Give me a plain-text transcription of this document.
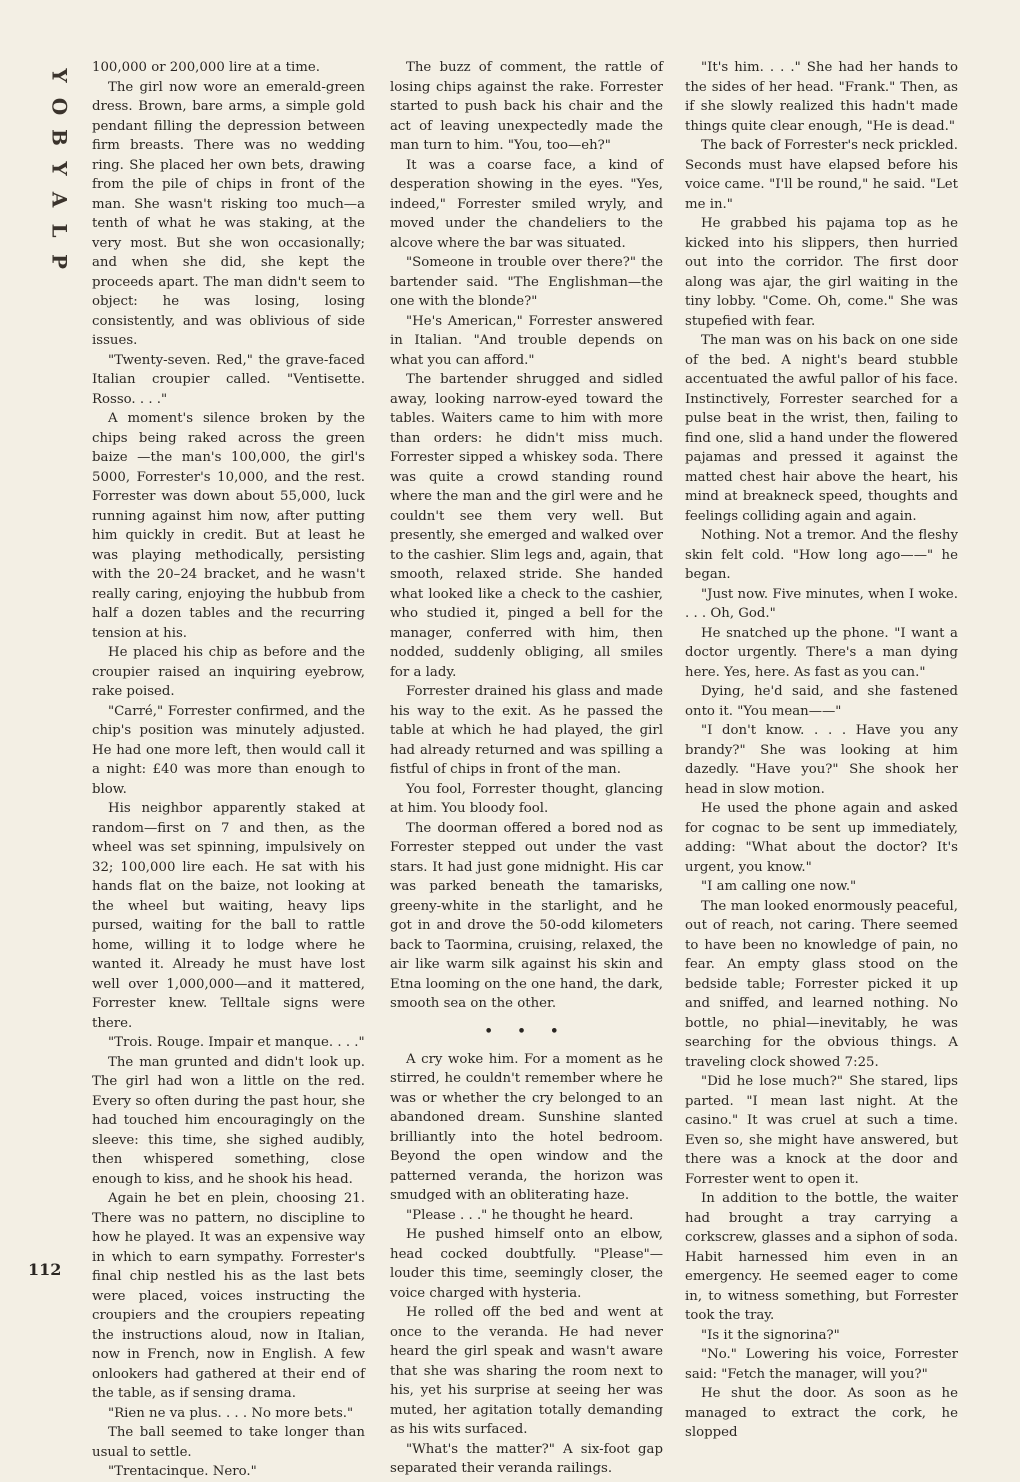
Y
O
B
Y
A
L
P

100,000 or 200,000 lire at a time.

The girl now wore an emerald-green dress. Brown, bare arms, a simple gold pendant filling the depression between firm breasts. There was no wedding ring. She placed her own bets, drawing from the pile of chips in front of the man. She wasn't risking too much—a tenth of what he was staking, at the very most. But she won occasionally; and when she did, she kept the proceeds apart. The man didn't seem to object: he was losing, losing consistently, and was oblivious of side issues.

"Twenty-seven. Red," the grave-faced Italian croupier called. "Ventisette. Rosso. . . ."

A moment's silence broken by the chips being raked across the green baize —the man's 100,000, the girl's 5000, Forrester's 10,000, and the rest. Forrester was down about 55,000, luck running against him now, after putting him quickly in credit. But at least he was playing methodically, persisting with the 20–24 bracket, and he wasn't really caring, enjoying the hubbub from half a dozen tables and the recurring tension at his.

He placed his chip as before and the croupier raised an inquiring eyebrow, rake poised.

"Carré," Forrester confirmed, and the chip's position was minutely adjusted. He had one more left, then would call it a night: £40 was more than enough to blow.

His neighbor apparently staked at random—first on 7 and then, as the wheel was set spinning, impulsively on 32; 100,000 lire each. He sat with his hands flat on the baize, not looking at the wheel but waiting, heavy lips pursed, waiting for the ball to rattle home, willing it to lodge where he wanted it. Already he must have lost well over 1,000,000—and it mattered, Forrester knew. Telltale signs were there.

"Trois. Rouge. Impair et manque. . . ."

The man grunted and didn't look up. The girl had won a little on the red. Every so often during the past hour, she had touched him encouragingly on the sleeve: this time, she sighed audibly, then whispered something, close enough to kiss, and he shook his head.

Again he bet en plein, choosing 21. There was no pattern, no discipline to how he played. It was an expensive way in which to earn sympathy. Forrester's final chip nestled his as the last bets were placed, voices instructing the croupiers and the croupiers repeating the instructions aloud, now in Italian, now in French, now in English. A few onlookers had gathered at their end of the table, as if sensing drama.

"Rien ne va plus. . . . No more bets."

The ball seemed to take longer than usual to settle.

"Trentacinque. Nero."

The buzz of comment, the rattle of losing chips against the rake. Forrester started to push back his chair and the act of leaving unexpectedly made the man turn to him. "You, too—eh?"

It was a coarse face, a kind of desperation showing in the eyes. "Yes, indeed," Forrester smiled wryly, and moved under the chandeliers to the alcove where the bar was situated.

"Someone in trouble over there?" the bartender said. "The Englishman—the one with the blonde?"

"He's American," Forrester answered in Italian. "And trouble depends on what you can afford."

The bartender shrugged and sidled away, looking narrow-eyed toward the tables. Waiters came to him with more than orders: he didn't miss much. Forrester sipped a whiskey soda. There was quite a crowd standing round where the man and the girl were and he couldn't see them very well. But presently, she emerged and walked over to the cashier. Slim legs and, again, that smooth, relaxed stride. She handed what looked like a check to the cashier, who studied it, pinged a bell for the manager, conferred with him, then nodded, suddenly obliging, all smiles for a lady.

Forrester drained his glass and made his way to the exit. As he passed the table at which he had played, the girl had already returned and was spilling a fistful of chips in front of the man.

You fool, Forrester thought, glancing at him. You bloody fool.

The doorman offered a bored nod as Forrester stepped out under the vast stars. It had just gone midnight. His car was parked beneath the tamarisks, greeny-white in the starlight, and he got in and drove the 50-odd kilometers back to Taormina, cruising, relaxed, the air like warm silk against his skin and Etna looming on the one hand, the dark, smooth sea on the other.

• • •

A cry woke him. For a moment as he stirred, he couldn't remember where he was or whether the cry belonged to an abandoned dream. Sunshine slanted brilliantly into the hotel bedroom. Beyond the open window and the patterned veranda, the horizon was smudged with an obliterating haze.

"Please . . ." he thought he heard.

He pushed himself onto an elbow, head cocked doubtfully. "Please"—louder this time, seemingly closer, the voice charged with hysteria.

He rolled off the bed and went at once to the veranda. He had never heard the girl speak and wasn't aware that she was sharing the room next to his, yet his surprise at seeing her was muted, her agitation totally demanding as his wits surfaced.

"What's the matter?" A six-foot gap separated their veranda railings.

"It's him. . . ." She had her hands to the sides of her head. "Frank." Then, as if she slowly realized this hadn't made things quite clear enough, "He is dead."

The back of Forrester's neck prickled. Seconds must have elapsed before his voice came. "I'll be round," he said. "Let me in."

He grabbed his pajama top as he kicked into his slippers, then hurried out into the corridor. The first door along was ajar, the girl waiting in the tiny lobby. "Come. Oh, come." She was stupefied with fear.

The man was on his back on one side of the bed. A night's beard stubble accentuated the awful pallor of his face. Instinctively, Forrester searched for a pulse beat in the wrist, then, failing to find one, slid a hand under the flowered pajamas and pressed it against the matted chest hair above the heart, his mind at breakneck speed, thoughts and feelings colliding again and again.

Nothing. Not a tremor. And the fleshy skin felt cold. "How long ago——" he began.

"Just now. Five minutes, when I woke. . . . Oh, God."

He snatched up the phone. "I want a doctor urgently. There's a man dying here. Yes, here. As fast as you can."

Dying, he'd said, and she fastened onto it. "You mean——"

"I don't know. . . . Have you any brandy?" She was looking at him dazedly. "Have you?" She shook her head in slow motion.

He used the phone again and asked for cognac to be sent up immediately, adding: "What about the doctor? It's urgent, you know."

"I am calling one now."

The man looked enormously peaceful, out of reach, not caring. There seemed to have been no knowledge of pain, no fear. An empty glass stood on the bedside table; Forrester picked it up and sniffed, and learned nothing. No bottle, no phial—inevitably, he was searching for the obvious things. A traveling clock showed 7:25.

"Did he lose much?" She stared, lips parted. "I mean last night. At the casino." It was cruel at such a time. Even so, she might have answered, but there was a knock at the door and Forrester went to open it.

In addition to the bottle, the waiter had brought a tray carrying a corkscrew, glasses and a siphon of soda. Habit harnessed him even in an emergency. He seemed eager to come in, to witness something, but Forrester took the tray.

"Is it the signorina?"

"No." Lowering his voice, Forrester said: "Fetch the manager, will you?"

He shut the door. As soon as he managed to extract the cork, he slopped

112
